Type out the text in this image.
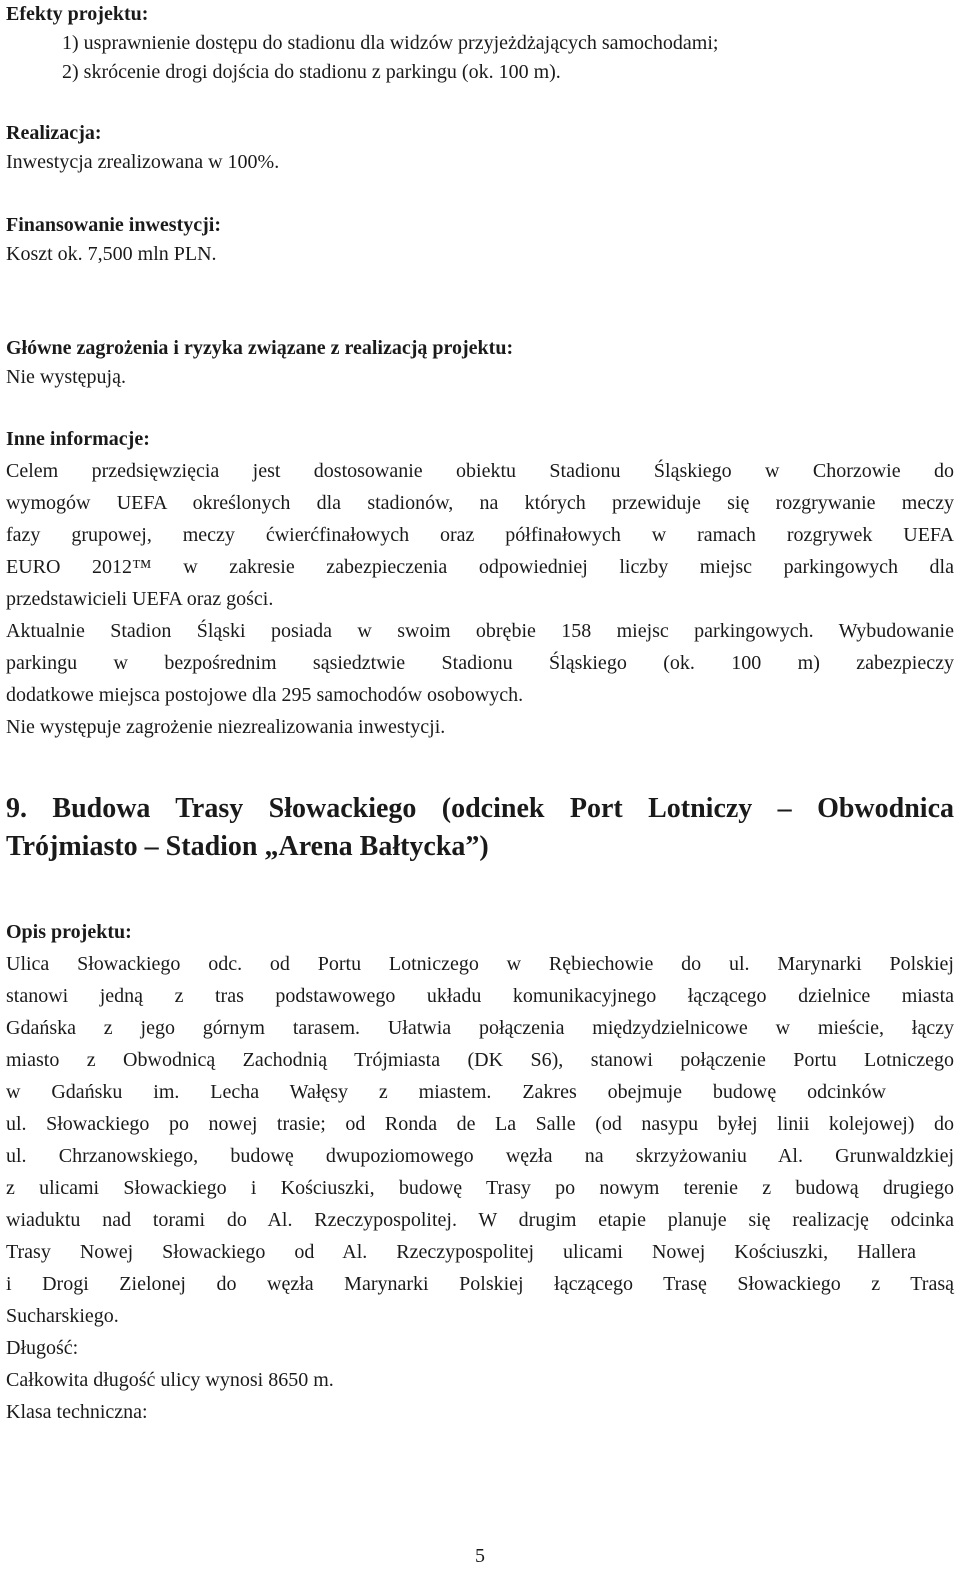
Efekty projektu:
1) usprawnienie dostępu do stadionu dla widzów przyjeżdżających samochodami;
2) skrócenie drogi dojścia do stadionu z parkingu (ok. 100 m).
Realizacja:
Inwestycja zrealizowana w 100%.
Finansowanie inwestycji:
Koszt ok. 7,500 mln PLN.
Główne zagrożenia i ryzyka związane z realizacją projektu:
Nie występują.
Inne informacje:
Celem przedsięwzięcia jest dostosowanie obiektu Stadionu Śląskiego w Chorzowie do
wymogów UEFA określonych dla stadionów, na których przewiduje się rozgrywanie meczy
fazy grupowej, meczy ćwierćfinałowych oraz półfinałowych w ramach rozgrywek UEFA
EURO 2012™ w zakresie zabezpieczenia odpowiedniej liczby miejsc parkingowych dla
przedstawicieli UEFA oraz gości.
Aktualnie Stadion Śląski posiada w swoim obrębie 158 miejsc parkingowych. Wybudowanie
parkingu w bezpośrednim sąsiedztwie Stadionu Śląskiego (ok. 100 m) zabezpieczy
dodatkowe miejsca postojowe dla 295 samochodów osobowych.
Nie występuje zagrożenie niezrealizowania inwestycji.
9. Budowa Trasy Słowackiego (odcinek Port Lotniczy – Obwodnica
Trójmiasto – Stadion „Arena Bałtycka”)
Opis projektu:
Ulica Słowackiego odc. od Portu Lotniczego w Rębiechowie do ul. Marynarki Polskiej
stanowi jedną z tras podstawowego układu komunikacyjnego łączącego dzielnice miasta
Gdańska z jego górnym tarasem. Ułatwia połączenia międzydzielnicowe w mieście, łączy
miasto z Obwodnicą Zachodnią Trójmiasta (DK S6), stanowi połączenie Portu Lotniczego
w Gdańsku im. Lecha Wałęsy z miastem. Zakres obejmuje budowę odcinków
ul. Słowackiego po nowej trasie; od Ronda de La Salle (od nasypu byłej linii kolejowej) do
ul. Chrzanowskiego, budowę dwupoziomowego węzła na skrzyżowaniu Al. Grunwaldzkiej
z ulicami Słowackiego i Kościuszki, budowę Trasy po nowym terenie z budową drugiego
wiaduktu nad torami do Al. Rzeczypospolitej. W drugim etapie planuje się realizację odcinka
Trasy Nowej Słowackiego od Al. Rzeczypospolitej ulicami Nowej Kościuszki, Hallera
i Drogi Zielonej do węzła Marynarki Polskiej łączącego Trasę Słowackiego z Trasą
Sucharskiego.
Długość:
Całkowita długość ulicy wynosi 8650 m.
Klasa techniczna:
5
